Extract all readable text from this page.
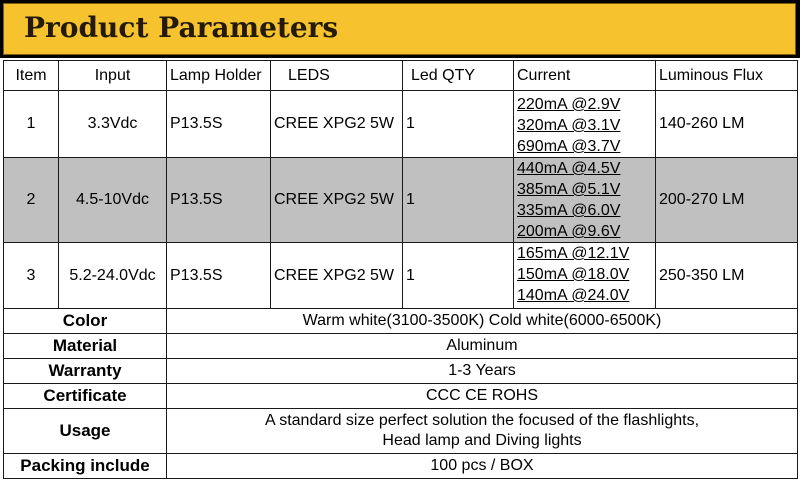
Product Parameters
Item	Input	Lamp Holder	LEDS	Led QTY	Current	Luminous Flux
1	3.3Vdc	P13.5S	CREE XPG2 5W	1	220mA @2.9V
320mA @3.1V
690mA @3.7V	140-260 LM
2	4.5-10Vdc	P13.5S	CREE XPG2 5W	1	440mA @4.5V
385mA @5.1V
335mA @6.0V
200mA @9.6V	200-270 LM
3	5.2-24.0Vdc	P13.5S	CREE XPG2 5W	1	165mA @12.1V
150mA @18.0V
140mA @24.0V	250-350 LM
Color		Warm white(3100-3500K) Cold white(6000-6500K)				
Material		Aluminum				
Warranty		1-3 Years				
Certificate		CCC CE ROHS				
Usage		A standard size perfect solution the focused of the flashlights,
Head lamp and Diving lights				

Packing include		100 pcs / BOX				
